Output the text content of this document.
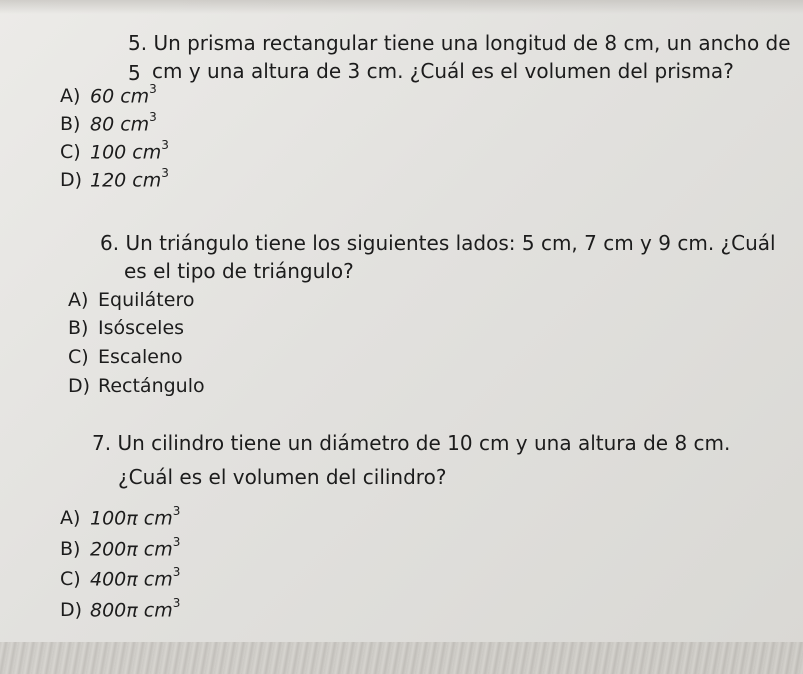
5. Un prisma rectangular tiene una longitud de 8 cm, un ancho de 5 cm y una altura de 3 cm. ¿Cuál es el volumen del prisma?
A) 60 $cm^3$
B) 80 $cm^3$
C) 100 $cm^3$
D) 120 $cm^3$
6. Un triángulo tiene los siguientes lados: 5 cm, 7 cm y 9 cm. ¿Cuál
es el tipo de triángulo?
A) Equilátero
B) Isósceles
C) Escaleno
D) Rectángulo
7. Un cilindro tiene un diámetro de 10 cm y una altura de 8 cm.
¿Cuál es el volumen del cilindro?
A) 100π $cm^3$
B) 200π $cm^3$
C) 400π $cm^3$
D) 800π $cm^3$
